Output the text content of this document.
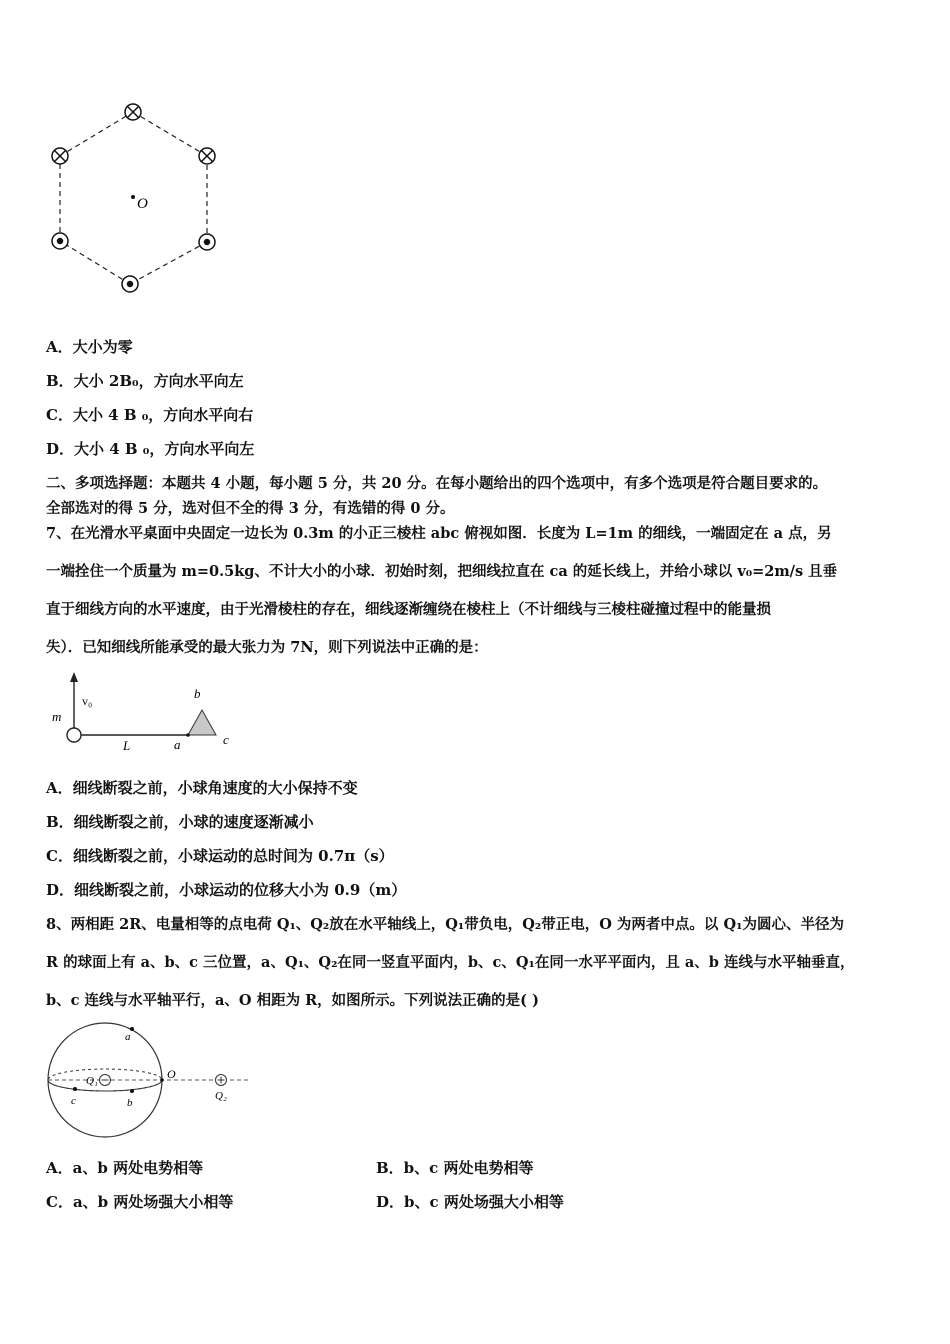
O
A．大小为零
B．大小 2B₀，方向水平向左
C．大小 4 B ₀，方向水平向右
D．大小 4 B ₀，方向水平向左
二、多项选择题：本题共 4 小题，每小题 5 分，共 20 分。在每小题给出的四个选项中，有多个选项是符合题目要求的。
全部选对的得 5 分，选对但不全的得 3 分，有选错的得 0 分。
7、在光滑水平桌面中央固定一边长为 0.3m 的小正三棱柱 abc 俯视如图．长度为 L=1m 的细线，一端固定在 a 点，另
一端拴住一个质量为 m=0.5kg、不计大小的小球．初始时刻，把细线拉直在 ca 的延长线上，并给小球以 v₀=2m/s 且垂
直于细线方向的水平速度，由于光滑棱柱的存在，细线逐渐缠绕在棱柱上（不计细线与三棱柱碰撞过程中的能量损
失）．已知细线所能承受的最大张力为 7N，则下列说法中正确的是：
v₀
m
L	a
b
c
A．细线断裂之前，小球角速度的大小保持不变
B．细线断裂之前，小球的速度逐渐减小
C．细线断裂之前，小球运动的总时间为 0.7π（s）
D．细线断裂之前，小球运动的位移大小为 0.9（m）
8、两相距 2R、电量相等的点电荷 Q₁、Q₂放在水平轴线上，Q₁带负电，Q₂带正电，O 为两者中点。以 Q₁为圆心、半径为
R 的球面上有 a、b、c 三位置，a、Q₁、Q₂在同一竖直平面内，b、c、Q₁在同一水平平面内，且 a、b 连线与水平轴垂直，
b、c 连线与水平轴平行，a、O 相距为 R，如图所示。下列说法正确的是( )
a
O
Q₁
Q₂
b
c
A．a、b 两处电势相等	B．b、c 两处电势相等
C．a、b 两处场强大小相等	D．b、c 两处场强大小相等
